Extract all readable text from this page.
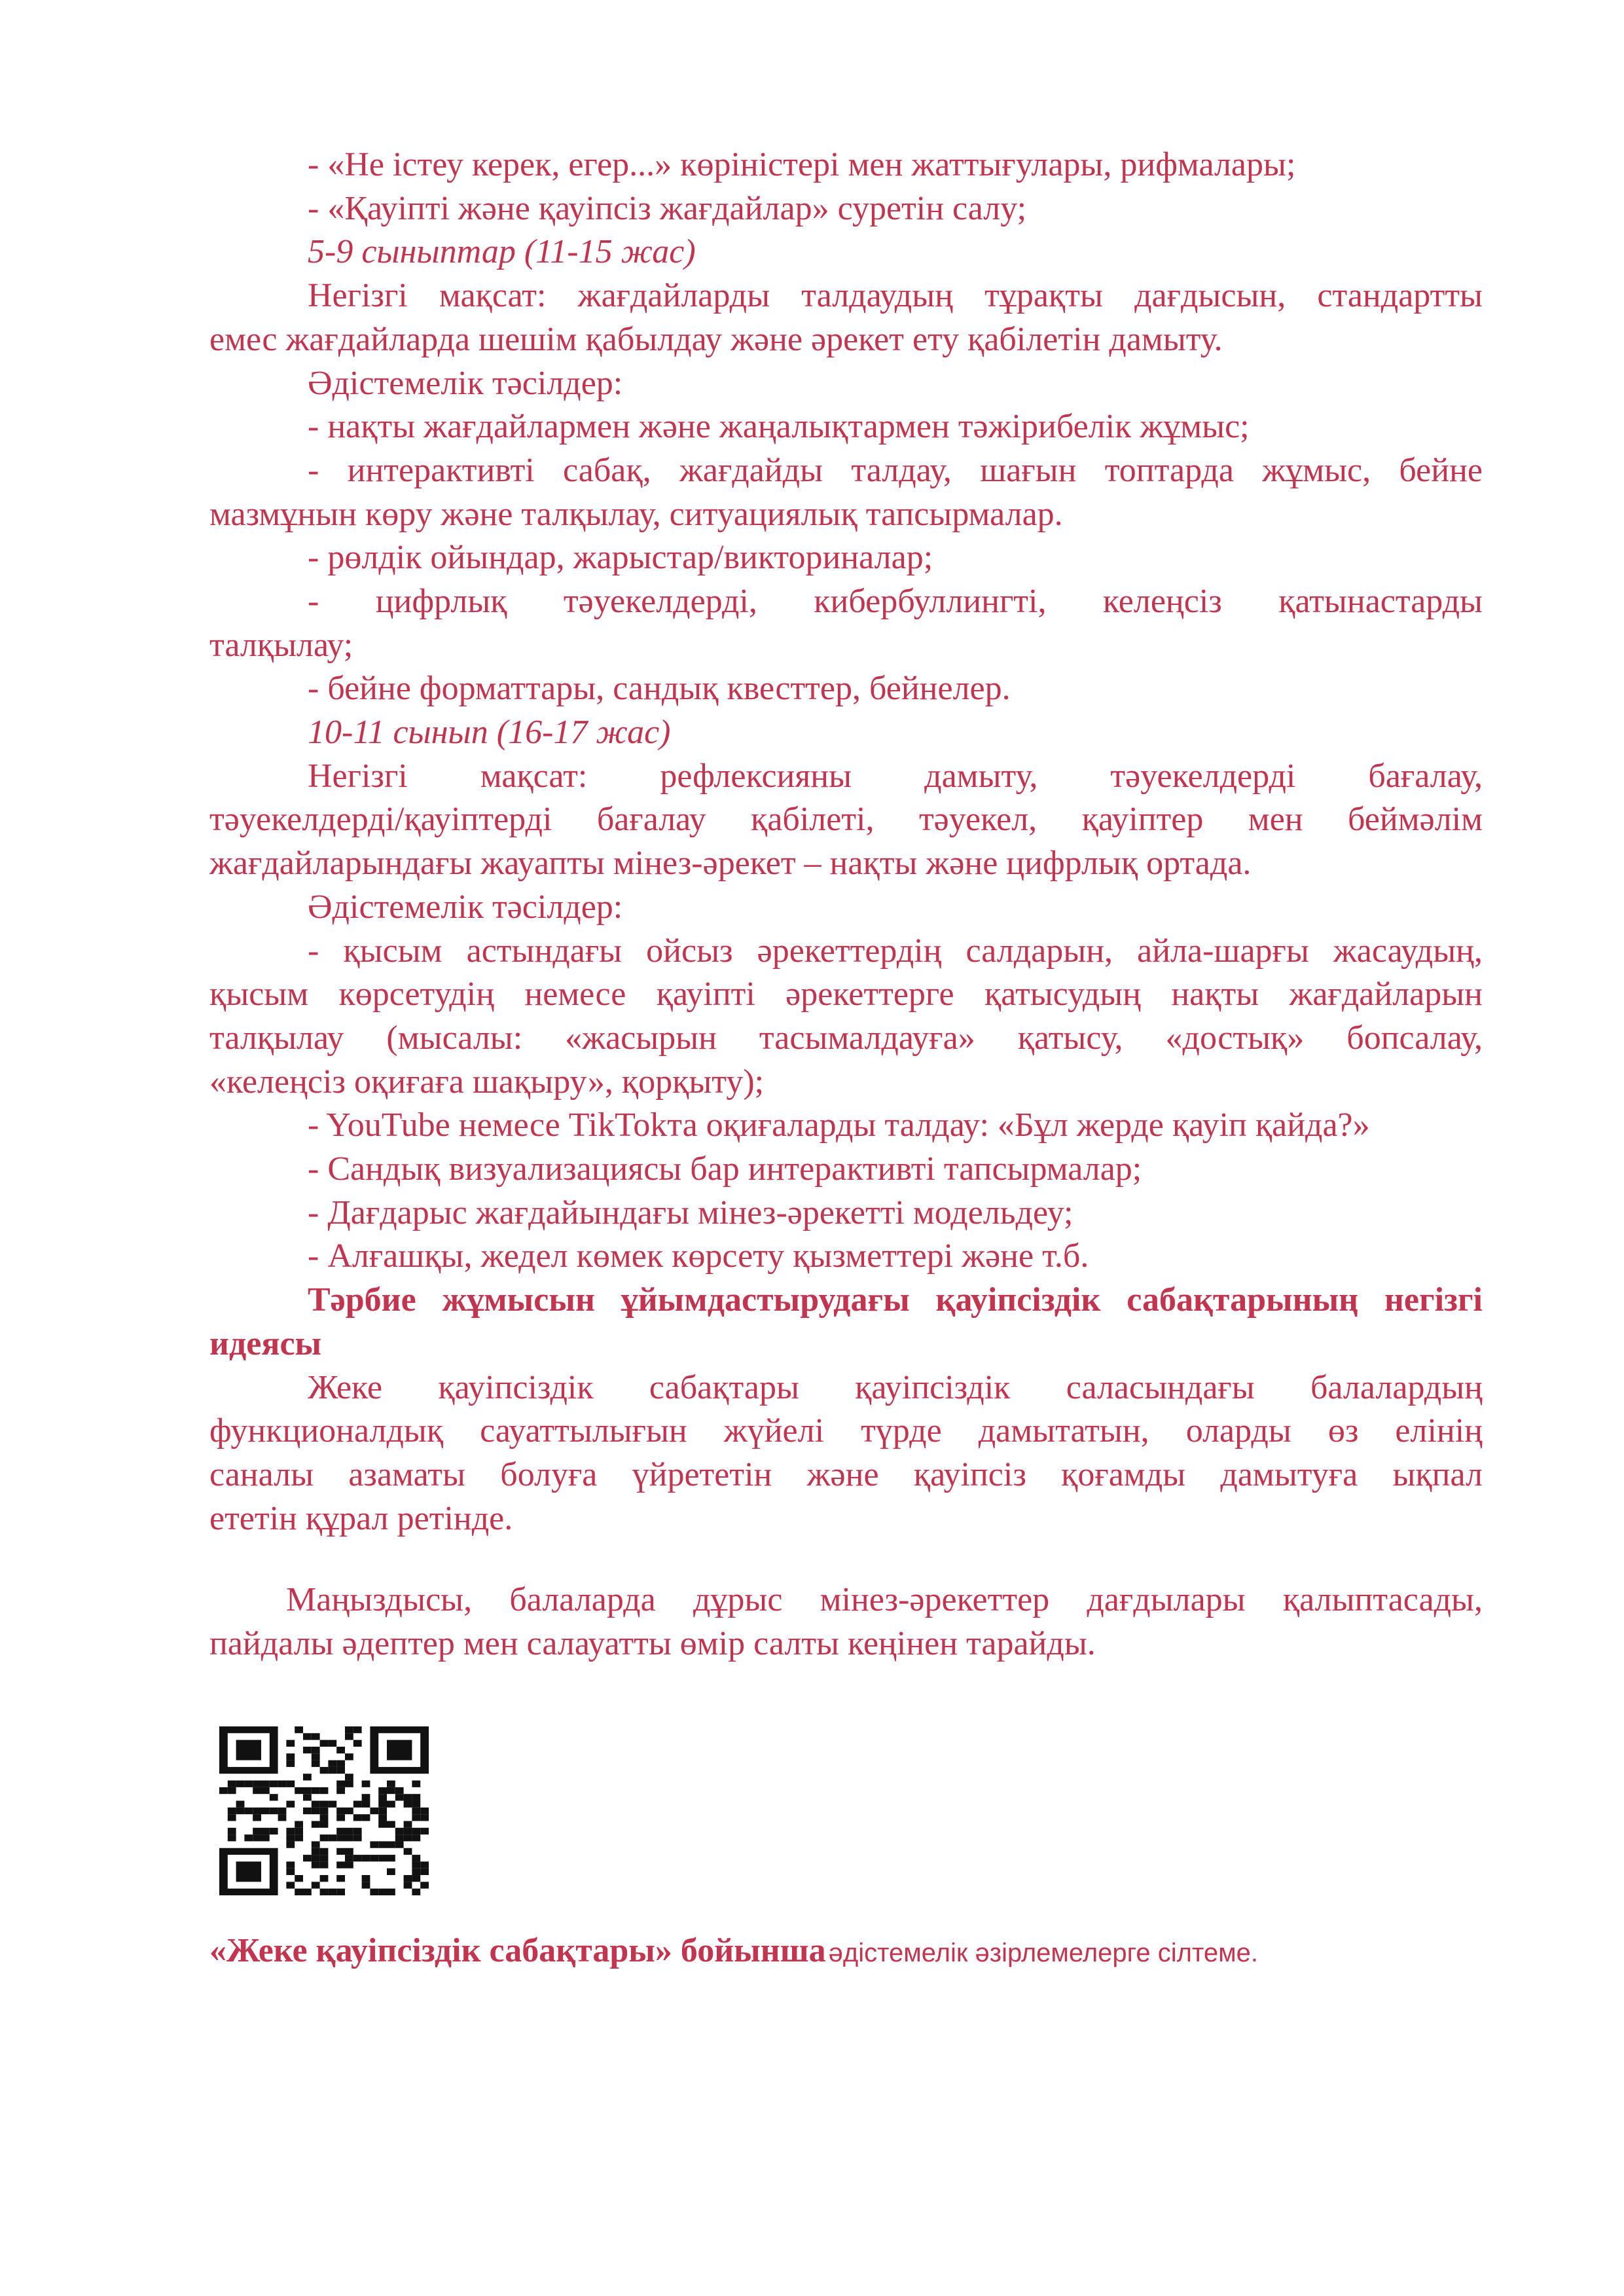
- «Не істеу керек, егер...» көріністері мен жаттығулары, рифмалары;
- «Қауіпті және қауіпсіз жағдайлар» суретін салу;
5-9 сыныптар (11-15 жас)
Негізгі мақсат: жағдайларды талдаудың тұрақты дағдысын, стандартты
емес жағдайларда шешім қабылдау және әрекет ету қабілетін дамыту.
Әдістемелік тәсілдер:
- нақты жағдайлармен және жаңалықтармен тәжірибелік жұмыс;
- интерактивті сабақ, жағдайды талдау, шағын топтарда жұмыс, бейне
мазмұнын көру және талқылау, ситуациялық тапсырмалар.
- рөлдік ойындар, жарыстар/викториналар;
- цифрлық тәуекелдерді, кибербуллингті, келеңсіз қатынастарды
талқылау;
- бейне форматтары, сандық квесттер, бейнелер.
10-11 сынып (16-17 жас)
Негізгі мақсат: рефлексияны дамыту, тәуекелдерді бағалау,
тәуекелдерді/қауіптерді бағалау қабілеті, тәуекел, қауіптер мен беймәлім
жағдайларындағы жауапты мінез-әрекет – нақты және цифрлық ортада.
Әдістемелік тәсілдер:
- қысым астындағы ойсыз әрекеттердің салдарын, айла-шарғы жасаудың,
қысым көрсетудің немесе қауіпті әрекеттерге қатысудың нақты жағдайларын
талқылау (мысалы: «жасырын тасымалдауға» қатысу, «достық» бопсалау,
«келеңсіз оқиғаға шақыру», қорқыту);
- YouTube немесе TikTokта оқиғаларды талдау: «Бұл жерде қауіп қайда?»
- Сандық визуализациясы бар интерактивті тапсырмалар;
- Дағдарыс жағдайындағы мінез-әрекетті модельдеу;
- Алғашқы, жедел көмек көрсету қызметтері және т.б.
Тәрбие жұмысын ұйымдастырудағы қауіпсіздік сабақтарының негізгі
идеясы
Жеке қауіпсіздік сабақтары қауіпсіздік саласындағы балалардың
функционалдық сауаттылығын жүйелі түрде дамытатын, оларды өз елінің
саналы азаматы болуға үйрететін және қауіпсіз қоғамды дамытуға ықпал
ететін құрал ретінде.
Маңыздысы, балаларда дұрыс мінез-әрекеттер дағдылары қалыптасады,
пайдалы әдептер мен салауатты өмір салты кеңінен тарайды.
«Жеке қауіпсіздік сабақтары» бойынша әдістемелік әзірлемелерге сілтеме.
